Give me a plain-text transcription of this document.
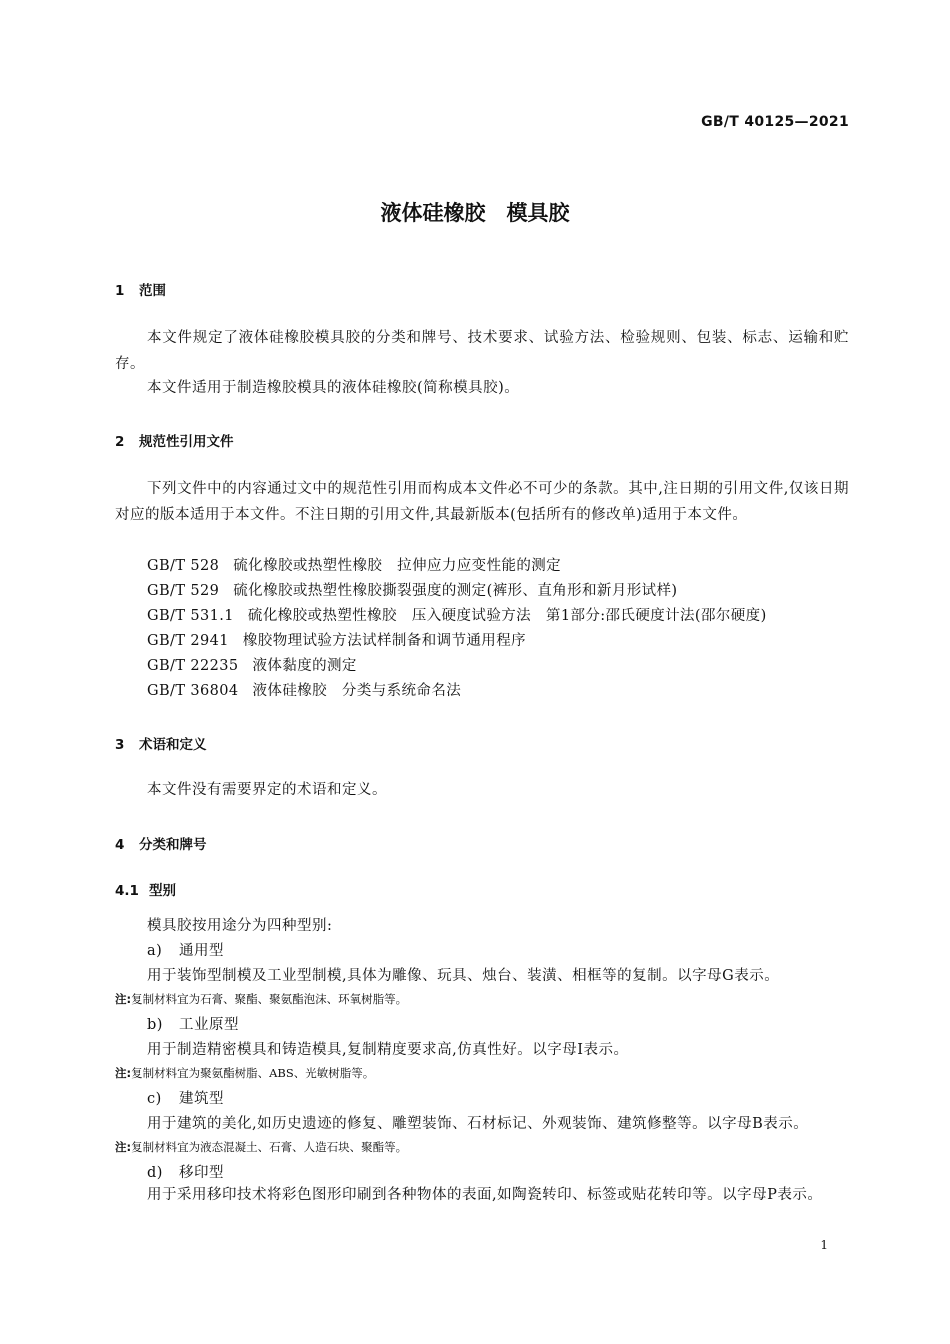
GB/T 40125—2021
液体硅橡胶　模具胶
1 范围
本文件规定了液体硅橡胶模具胶的分类和牌号、技术要求、试验方法、检验规则、包装、标志、运输和贮存。
本文件适用于制造橡胶模具的液体硅橡胶(简称模具胶)。
2 规范性引用文件
下列文件中的内容通过文中的规范性引用而构成本文件必不可少的条款。其中,注日期的引用文件,仅该日期对应的版本适用于本文件。不注日期的引用文件,其最新版本(包括所有的修改单)适用于本文件。
GB/T 528 硫化橡胶或热塑性橡胶　拉伸应力应变性能的测定
GB/T 529 硫化橡胶或热塑性橡胶撕裂强度的测定(裤形、直角形和新月形试样)
GB/T 531.1 硫化橡胶或热塑性橡胶　压入硬度试验方法　第1部分:邵氏硬度计法(邵尔硬度)
GB/T 2941 橡胶物理试验方法试样制备和调节通用程序
GB/T 22235 液体黏度的测定
GB/T 36804 液体硅橡胶　分类与系统命名法
3 术语和定义
本文件没有需要界定的术语和定义。
4 分类和牌号
4.1 型别
模具胶按用途分为四种型别:
a) 通用型
用于装饰型制模及工业型制模,具体为雕像、玩具、烛台、装潢、相框等的复制。以字母G表示。
注:复制材料宜为石膏、聚酯、聚氨酯泡沫、环氧树脂等。
b) 工业原型
用于制造精密模具和铸造模具,复制精度要求高,仿真性好。以字母I表示。
注:复制材料宜为聚氨酯树脂、ABS、光敏树脂等。
c) 建筑型
用于建筑的美化,如历史遗迹的修复、雕塑装饰、石材标记、外观装饰、建筑修整等。以字母B表示。
注:复制材料宜为液态混凝土、石膏、人造石块、聚酯等。
d) 移印型
用于采用移印技术将彩色图形印刷到各种物体的表面,如陶瓷转印、标签或贴花转印等。以字母P表示。
1
